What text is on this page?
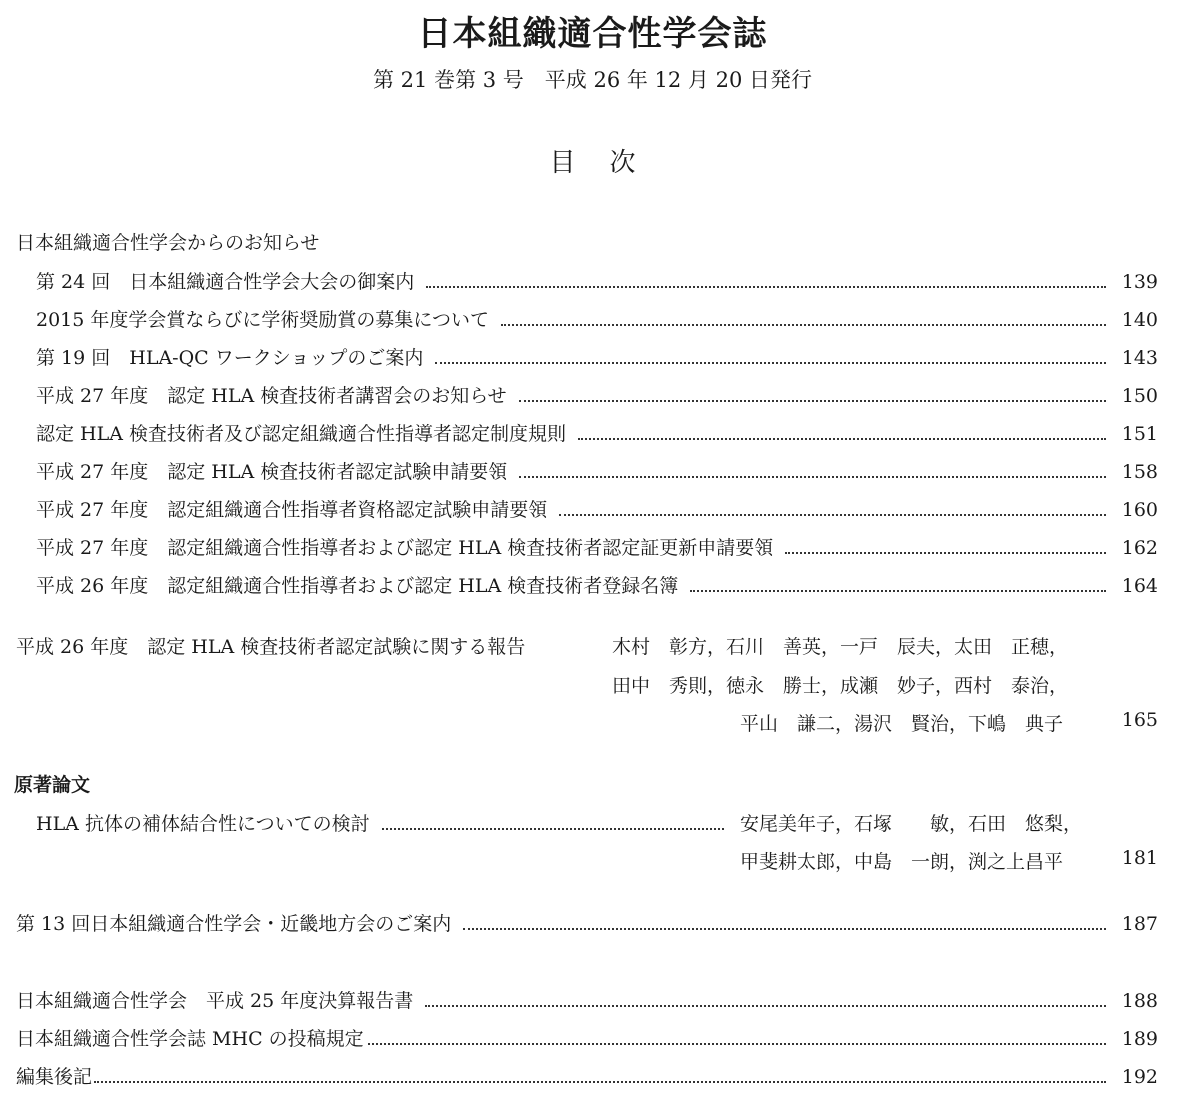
日本組織適合性学会誌
第 21 巻第 3 号　平成 26 年 12 月 20 日発行
目次
日本組織適合性学会からのお知らせ
第 24 回　日本組織適合性学会大会の御案内	139
2015 年度学会賞ならびに学術奨励賞の募集について	140
第 19 回　HLA-QC ワークショップのご案内	143
平成 27 年度　認定 HLA 検査技術者講習会のお知らせ	150
認定 HLA 検査技術者及び認定組織適合性指導者認定制度規則	151
平成 27 年度　認定 HLA 検査技術者認定試験申請要領	158
平成 27 年度　認定組織適合性指導者資格認定試験申請要領	160
平成 27 年度　認定組織適合性指導者および認定 HLA 検査技術者認定証更新申請要領	162
平成 26 年度　認定組織適合性指導者および認定 HLA 検査技術者登録名簿	164
平成 26 年度　認定 HLA 検査技術者認定試験に関する報告	木村　彰方，石川　善英，一戸　辰夫，太田　正穂，
田中　秀則，徳永　勝士，成瀬　妙子，西村　泰治，
平山　謙二，湯沢　賢治，下嶋　典子	165
原著論文
HLA 抗体の補体結合性についての検討	安尾美年子，石塚　　敏，石田　悠梨，
甲斐耕太郎，中島　一朗，渕之上昌平	181
第 13 回日本組織適合性学会・近畿地方会のご案内	187
日本組織適合性学会　平成 25 年度決算報告書	188
日本組織適合性学会誌 MHC の投稿規定	189
編集後記	192
